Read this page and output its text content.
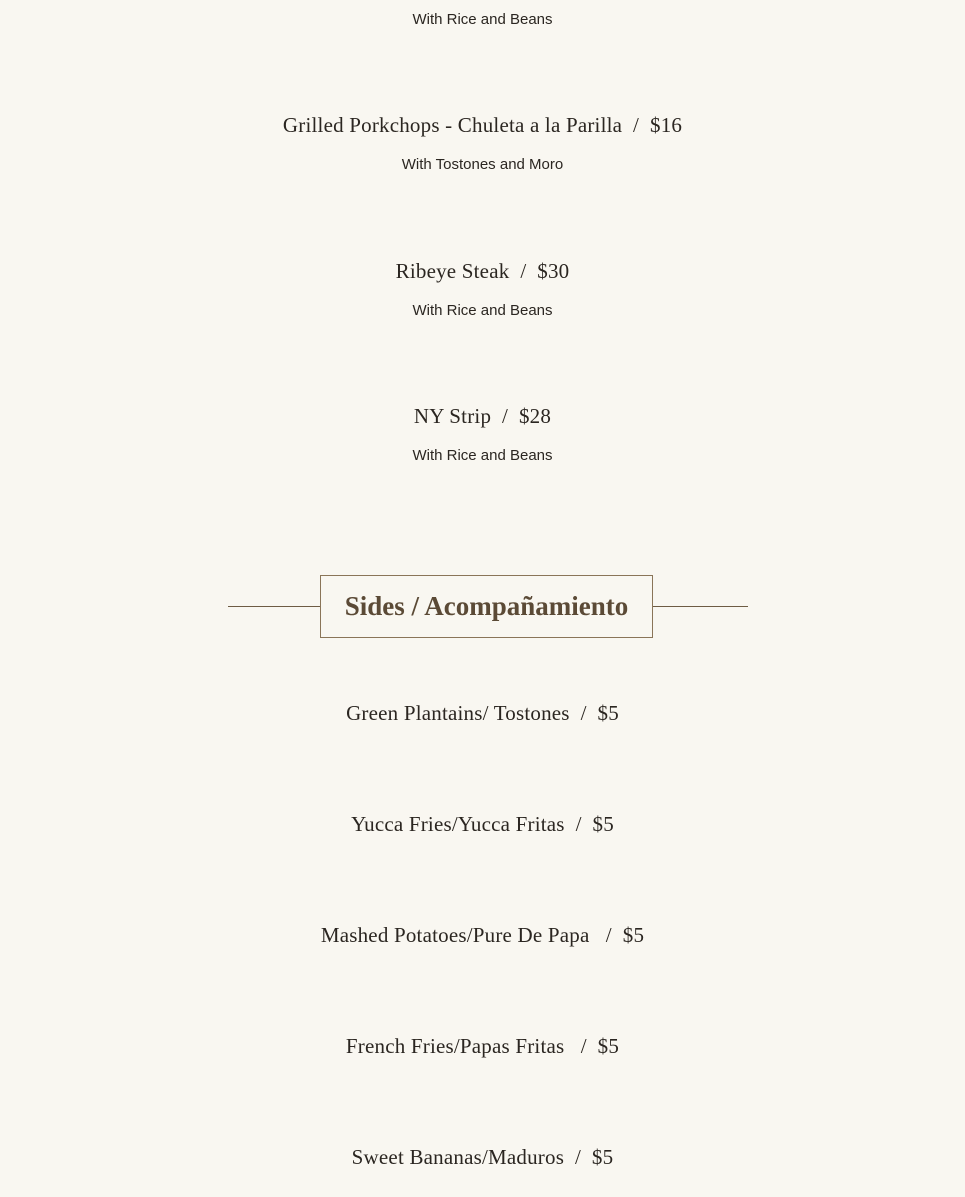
With Rice and Beans
Grilled Porkchops - Chuleta a la Parilla  /  $16
With Tostones and Moro
Ribeye Steak  /  $30
With Rice and Beans
NY Strip  /  $28
With Rice and Beans
Sides / Acompañamiento
Green Plantains/ Tostones  /  $5
Yucca Fries/Yucca Fritas  /  $5
Mashed Potatoes/Pure De Papa   /  $5
French Fries/Papas Fritas   /  $5
Sweet Bananas/Maduros  /  $5
